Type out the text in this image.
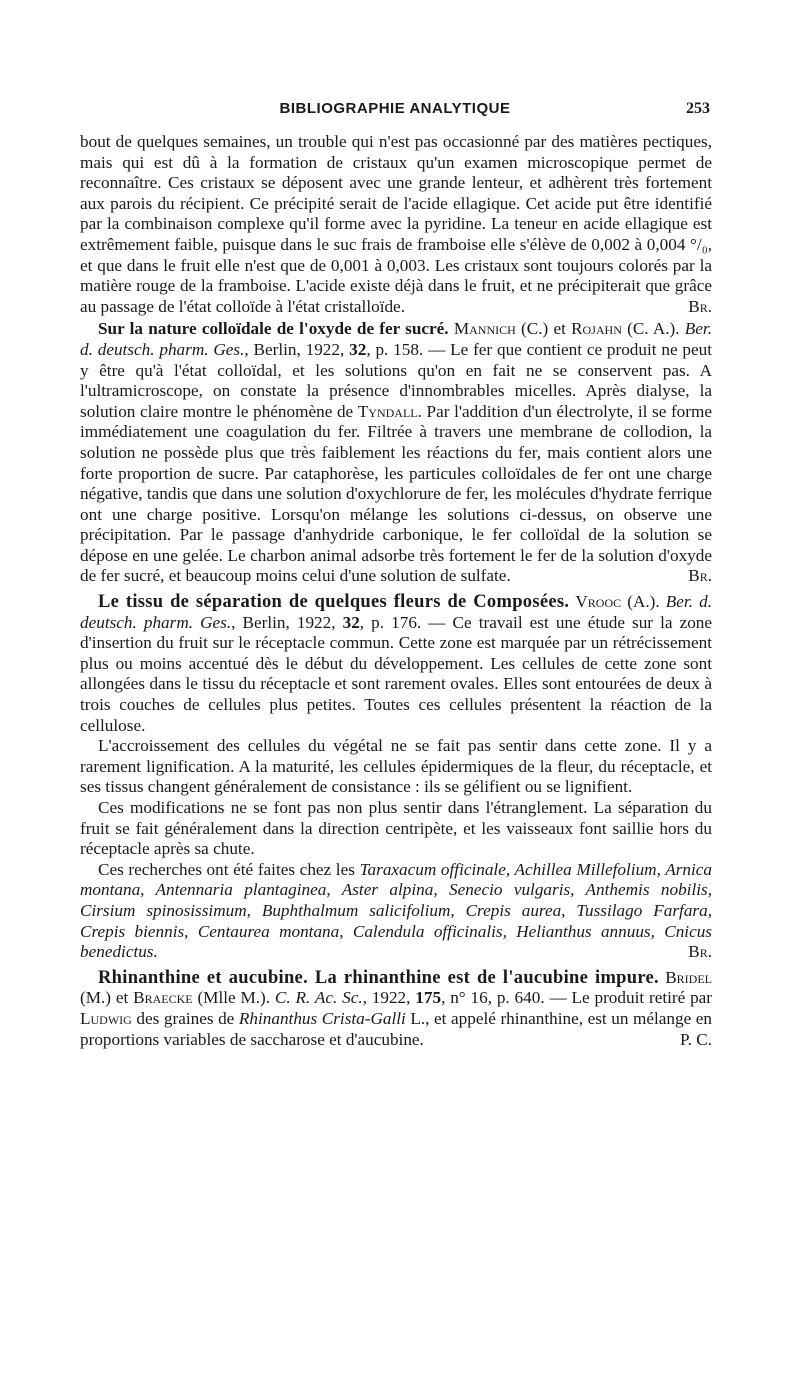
BIBLIOGRAPHIE ANALYTIQUE	253

bout de quelques semaines, un trouble qui n'est pas occasionné par des matières pectiques, mais qui est dû à la formation de cristaux qu'un examen microscopique permet de reconnaître. Ces cristaux se déposent avec une grande lenteur, et adhèrent très fortement aux parois du récipient. Ce précipité serait de l'acide ellagique. Cet acide put être identifié par la combinaison complexe qu'il forme avec la pyridine. La teneur en acide ellagique est extrêmement faible, puisque dans le suc frais de framboise elle s'élève de 0,002 à 0,004 °/₀, et que dans le fruit elle n'est que de 0,001 à 0,003. Les cristaux sont toujours colorés par la matière rouge de la framboise. L'acide existe déjà dans le fruit, et ne précipiterait que grâce au passage de l'état colloïde à l'état cristalloïde.	Br.

Sur la nature colloïdale de l'oxyde de fer sucré. Mannich (C.) et Rojahn (C. A.). Ber. d. deutsch. pharm. Ges., Berlin, 1922, 32, p. 158. — Le fer que contient ce produit ne peut y être qu'à l'état colloïdal, et les solutions qu'on en fait ne se conservent pas. A l'ultramicroscope, on constate la présence d'innombrables micelles. Après dialyse, la solution claire montre le phénomène de Tyndall. Par l'addition d'un électrolyte, il se forme immédiatement une coagulation du fer. Filtrée à travers une membrane de collodion, la solution ne possède plus que très faiblement les réactions du fer, mais contient alors une forte proportion de sucre. Par cataphorèse, les particules colloïdales de fer ont une charge négative, tandis que dans une solution d'oxychlorure de fer, les molécules d'hydrate ferrique ont une charge positive. Lorsqu'on mélange les solutions ci-dessus, on observe une précipitation. Par le passage d'anhydride carbonique, le fer colloïdal de la solution se dépose en une gelée. Le charbon animal adsorbe très fortement le fer de la solution d'oxyde de fer sucré, et beaucoup moins celui d'une solution de sulfate.	Br.

Le tissu de séparation de quelques fleurs de Composées. Vrooc (A.). Ber. d. deutsch. pharm. Ges., Berlin, 1922, 32, p. 176. — Ce travail est une étude sur la zone d'insertion du fruit sur le réceptacle commun. Cette zone est marquée par un rétrécissement plus ou moins accentué dès le début du développement. Les cellules de cette zone sont allongées dans le tissu du réceptacle et sont rarement ovales. Elles sont entourées de deux à trois couches de cellules plus petites. Toutes ces cellules présentent la réaction de la cellulose.

L'accroissement des cellules du végétal ne se fait pas sentir dans cette zone. Il y a rarement lignification. A la maturité, les cellules épidermiques de la fleur, du réceptacle, et ses tissus changent généralement de consistance : ils se gélifient ou se lignifient.

Ces modifications ne se font pas non plus sentir dans l'étranglement. La séparation du fruit se fait généralement dans la direction centripète, et les vaisseaux font saillie hors du réceptacle après sa chute.

Ces recherches ont été faites chez les Taraxacum officinale, Achillea Millefolium, Arnica montana, Antennaria plantaginea, Aster alpina, Senecio vulgaris, Anthemis nobilis, Cirsium spinosissimum, Buphthalmum salicifolium, Crepis aurea, Tussilago Farfara, Crepis biennis, Centaurea montana, Calendula officinalis, Helianthus annuus, Cnicus benedictus.	Br.

Rhinanthine et aucubine. La rhinanthine est de l'aucubine impure. Bridel (M.) et Braecke (Mlle M.). C. R. Ac. Sc., 1922, 175, n° 16, p. 640. — Le produit retiré par Ludwig des graines de Rhinanthus Crista-Galli L., et appelé rhinanthine, est un mélange en proportions variables de saccharose et d'aucubine.	P. C.
